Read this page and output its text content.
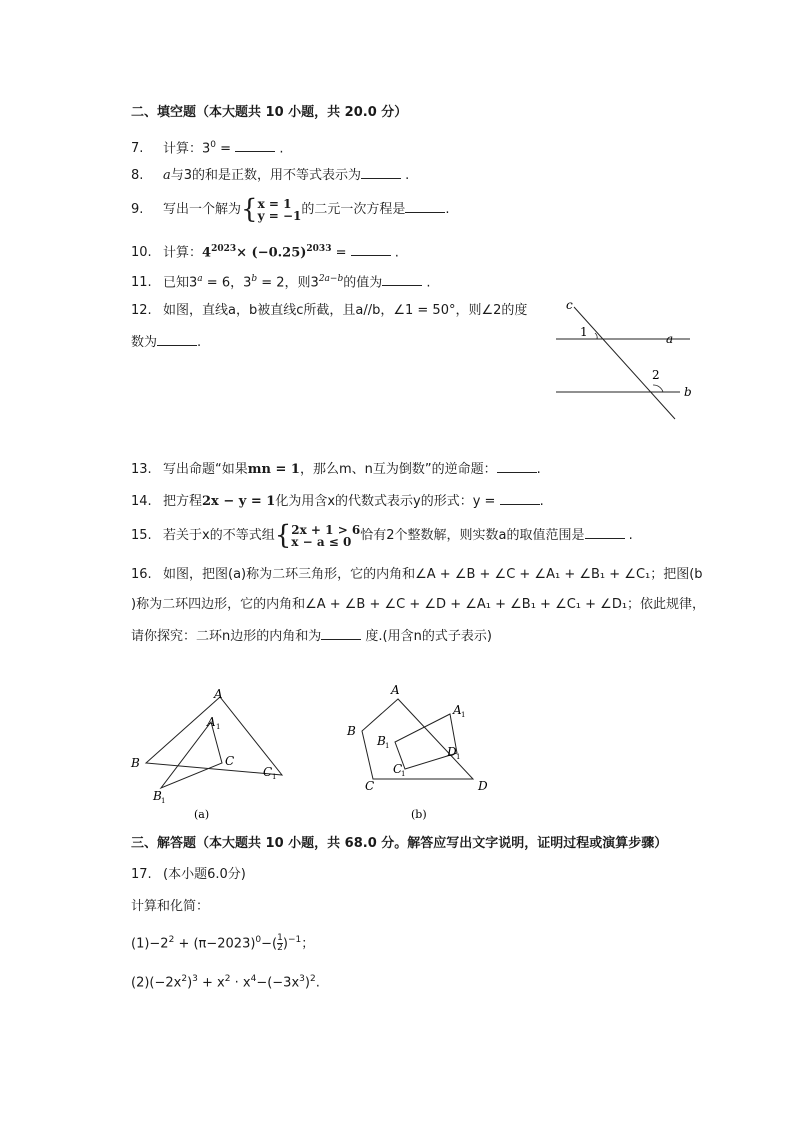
二、填空题（本大题共 10 小题，共 20.0 分）
7. 计算：$3^0$ =	.
8. a与3的和是正数，用不等式表示为	.
9. 写出一个解为{ x = 1
y = −1 的二元一次方程是	.
10. 计算：$4^{2023}\times (-0.25)^{2033}$ =	.
11. 已知$3^a = 6$，$3^b = 2$，则$3^{2a-b}$的值为	.
12. 如图，直线a，b被直线c所截，且a//b，∠1 = 50°，则∠2的度
数为	.
c
a
b
1
2
13. 写出命题“如果mn = 1，那么m、n互为倒数”的逆命题：	.
14. 把方程2x − y = 1化为用含x的代数式表示y的形式：y =	.
15. 若关于x的不等式组{ 2x + 1 > 6
x − a ≤ 0 恰有2个整数解，则实数a的取值范围是	.
16. 如图，把图(a)称为二环三角形，它的内角和∠A + ∠B + ∠C + ∠A₁ + ∠B₁ + ∠C₁；把图(b
)称为二环四边形，它的内角和∠A + ∠B + ∠C + ∠D + ∠A₁ + ∠B₁ + ∠C₁ + ∠D₁；依此规律，
请你探究：二环n边形的内角和为	度.(用含n的式子表示)
A
A 1
B	C
C 1
B 1
(a)
A
A 1
B
B 1	D 1
C
1
C	D
(b)
三、解答题（本大题共 10 小题，共 68.0 分。解答应写出文字说明，证明过程或演算步骤）
17. (本小题6.0分)
计算和化简：
$(1)-2^2 + (\pi-2023)^0-( \frac{1}{2} )^{-1}$；
$(2)(-2x^2)^3 + x^2 \cdot x^4-(-3x^3)^2$.
